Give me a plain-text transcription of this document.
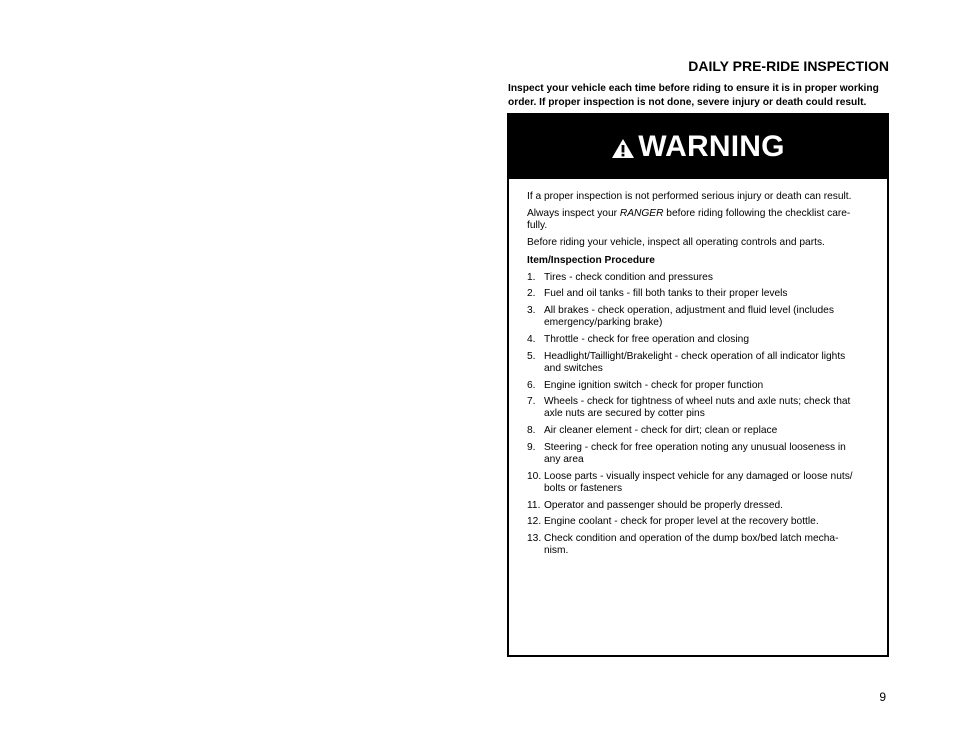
DAILY PRE-RIDE INSPECTION
Inspect your vehicle each time before riding to ensure it is in proper working
order. If proper inspection is not done, severe injury or death could result.
WARNING
If a proper inspection is not performed serious injury or death can result.
Always inspect your RANGER before riding following the checklist care-
fully.
Before riding your vehicle, inspect all operating controls and parts.
Item/Inspection Procedure
1. Tires - check condition and pressures
2. Fuel and oil tanks - fill both tanks to their proper levels
3. All brakes - check operation, adjustment and fluid level (includes
emergency/parking brake)
4. Throttle - check for free operation and closing
5. Headlight/Taillight/Brakelight - check operation of all indicator lights
and switches
6. Engine ignition switch - check for proper function
7. Wheels - check for tightness of wheel nuts and axle nuts; check that
axle nuts are secured by cotter pins
8. Air cleaner element - check for dirt; clean or replace
9. Steering - check for free operation noting any unusual looseness in
any area
10. Loose parts - visually inspect vehicle for any damaged or loose nuts/
bolts or fasteners
11. Operator and passenger should be properly dressed.
12. Engine coolant - check for proper level at the recovery bottle.
13. Check condition and operation of the dump box/bed latch mecha-
nism.
9
